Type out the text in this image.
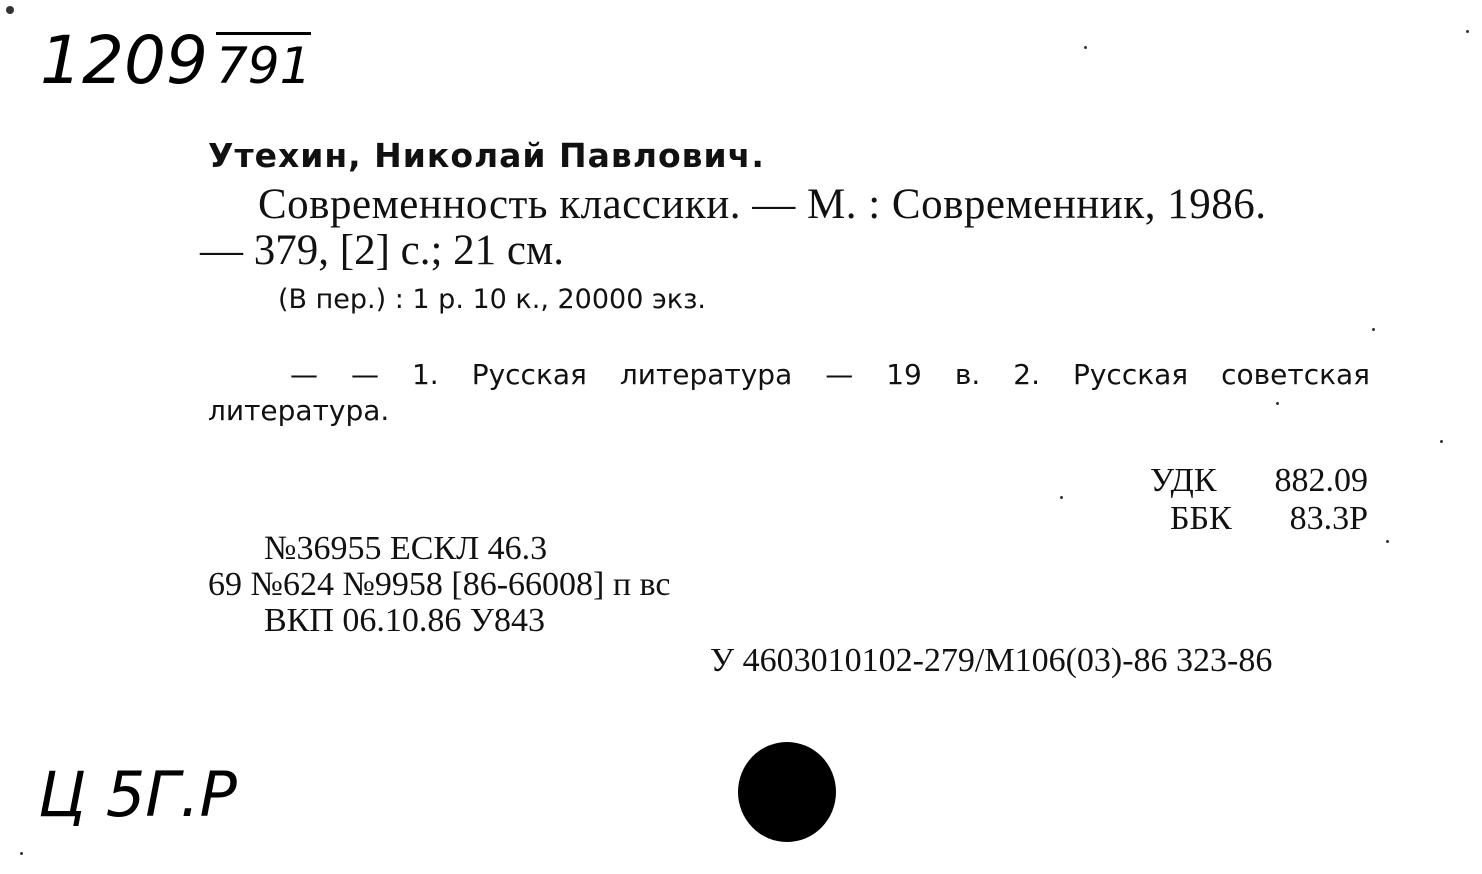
1209 791
Утехин, Николай Павлович.
Современность классики. — М. : Современник, 1986.
— 379, [2] с.; 21 см.
(В пер.) : 1 р. 10 к., 20000 экз.
— — 1. Русская литература — 19 в. 2. Русская советская
литература.
УДК 882.09
ББК 83.3Р
№36955 ЕСКЛ 46.3
69 №624 №9958 [86-66008] п вс
ВКП 06.10.86 У843
У 4603010102-279/М106(03)-86 323-86
Ц 5Г.Р
